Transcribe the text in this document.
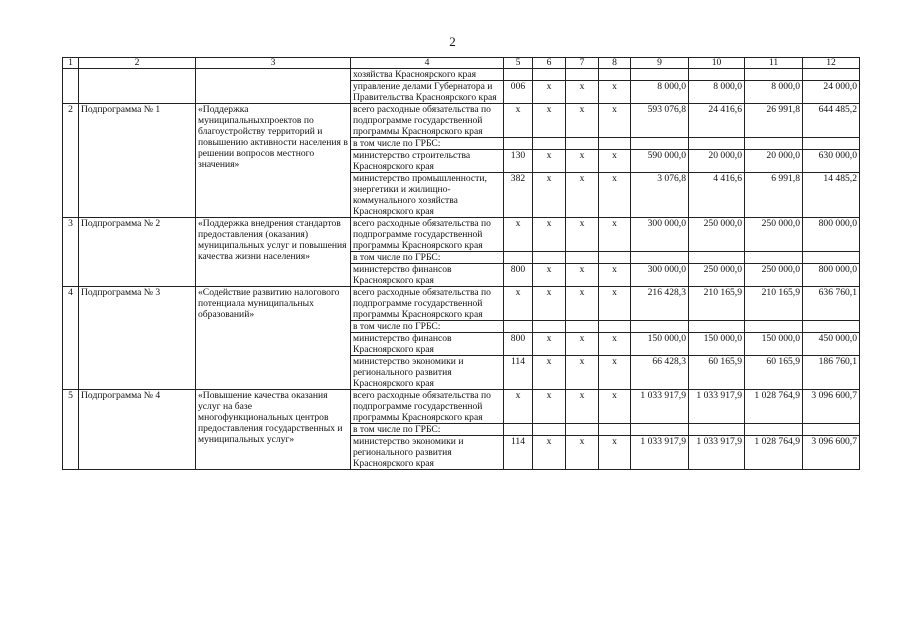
2
1	2	3	4	5	6	7	8	9	10	11	12
			хозяйства Красноярского края								
			управление делами Губернатора и Правительства Красноярского края	006	x	x	x	8 000,0	8 000,0	8 000,0	24 000,0
2	Подпрограмма № 1	«Поддержка муниципальныхпроектов по благоустройству территорий и повышению активности населения в решении вопросов местного значения»	всего расходные обязательства по подпрограмме государственной программы Красноярского края	x	x	x	x	593 076,8	24 416,6	26 991,8	644 485,2
			в том числе по ГРБС:								
			министерство строительства Красноярского края	130	x	x	x	590 000,0	20 000,0	20 000,0	630 000,0
			министерство промышленности, энергетики и жилищно-коммунального хозяйства Красноярского края	382	x	x	x	3 076,8	4 416,6	6 991,8	14 485,2
3	Подпрограмма № 2	«Поддержка внедрения стандартов предоставления (оказания) муниципальных услуг и повышения качества жизни населения»	всего расходные обязательства по подпрограмме государственной программы Красноярского края	x	x	x	x	300 000,0	250 000,0	250 000,0	800 000,0
			в том числе по ГРБС:								
			министерство финансов Красноярского края	800	x	x	x	300 000,0	250 000,0	250 000,0	800 000,0
4	Подпрограмма № 3	«Содействие развитию налогового потенциала муниципальных образований»	всего расходные обязательства по подпрограмме государственной программы Красноярского края	x	x	x	x	216 428,3	210 165,9	210 165,9	636 760,1
			в том числе по ГРБС:								
			министерство финансов Красноярского края	800	x	x	x	150 000,0	150 000,0	150 000,0	450 000,0
			министерство экономики и регионального развития Красноярского края	114	x	x	x	66 428,3	60 165,9	60 165,9	186 760,1
5	Подпрограмма № 4	«Повышение качества оказания услуг на базе многофункциональных центров предоставления государственных и муниципальных услуг»	всего расходные обязательства по подпрограмме государственной программы Красноярского края	x	x	x	x	1 033 917,9	1 033 917,9	1 028 764,9	3 096 600,7
			в том числе по ГРБС:								
			министерство экономики и регионального развития Красноярского края	114	x	x	x	1 033 917,9	1 033 917,9	1 028 764,9	3 096 600,7
